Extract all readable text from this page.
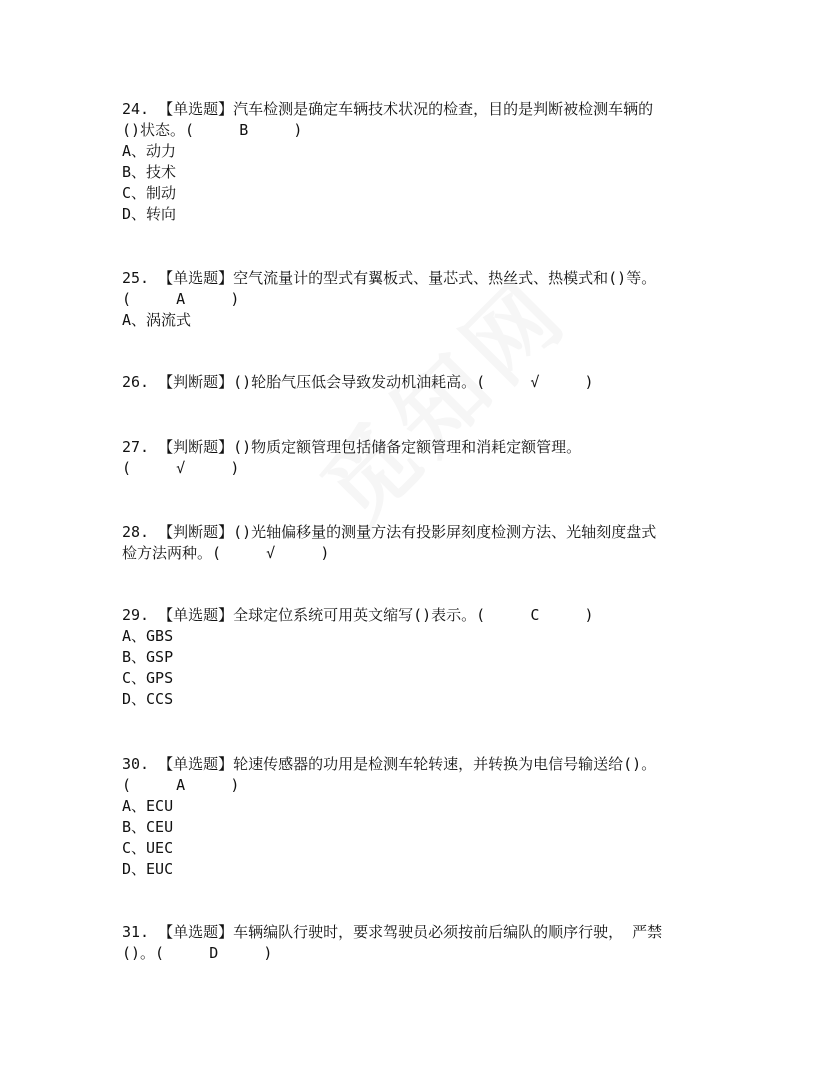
24. 【单选题】汽车检测是确定车辆技术状况的检查，目的是判断被检测车辆的
()状态。(     B     )
A、动力
B、技术
C、制动
D、转向
25. 【单选题】空气流量计的型式有翼板式、量芯式、热丝式、热模式和()等。
(     A     )
A、涡流式
26. 【判断题】()轮胎气压低会导致发动机油耗高。(     √     )
27. 【判断题】()物质定额管理包括储备定额管理和消耗定额管理。
(     √     )
28. 【判断题】()光轴偏移量的测量方法有投影屏刻度检测方法、光轴刻度盘式
检方法两种。(     √     )
29. 【单选题】全球定位系统可用英文缩写()表示。(     C     )
A、GBS
B、GSP
C、GPS
D、CCS
30. 【单选题】轮速传感器的功用是检测车轮转速，并转换为电信号输送给()。
(     A     )
A、ECU
B、CEU
C、UEC
D、EUC
31. 【单选题】车辆编队行驶时，要求驾驶员必须按前后编队的顺序行驶， 严禁
()。(     D     )
